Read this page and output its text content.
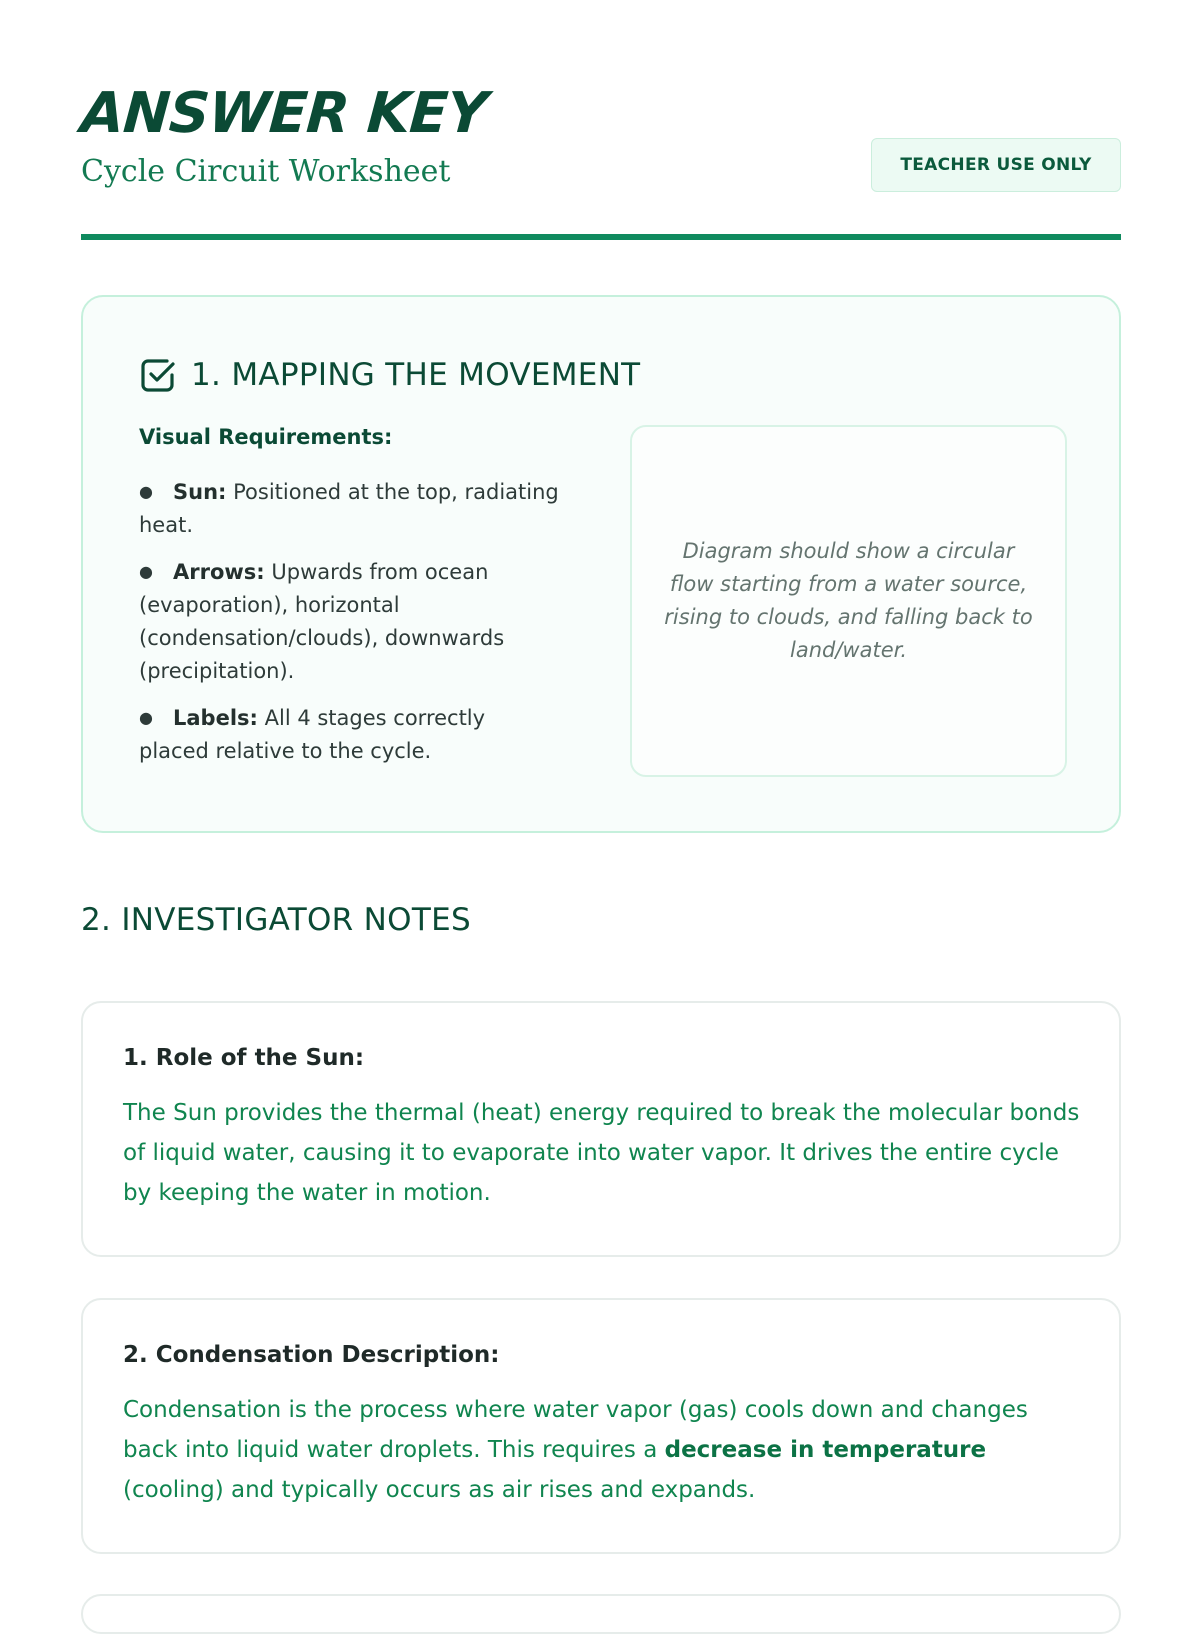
ANSWER KEY

Cycle Circuit Worksheet	TEACHER USE ONLY
1. MAPPING THE MOVEMENT
Visual Requirements:
● Sun: Positioned at the top, radiating heat.
● Arrows: Upwards from ocean (evaporation), horizontal (condensation/clouds), downwards (precipitation).
● Labels: All 4 stages correctly placed relative to the cycle.

Diagram should show a circular flow starting from a water source, rising to clouds, and falling back to land/water.

2. INVESTIGATOR NOTES
1. Role of the Sun:

The Sun provides the thermal (heat) energy required to break the molecular bonds of liquid water, causing it to evaporate into water vapor. It drives the entire cycle by keeping the water in motion.

2. Condensation Description:

Condensation is the process where water vapor (gas) cools down and changes back into liquid water droplets. This requires a decrease in temperature (cooling) and typically occurs as air rises and expands.
